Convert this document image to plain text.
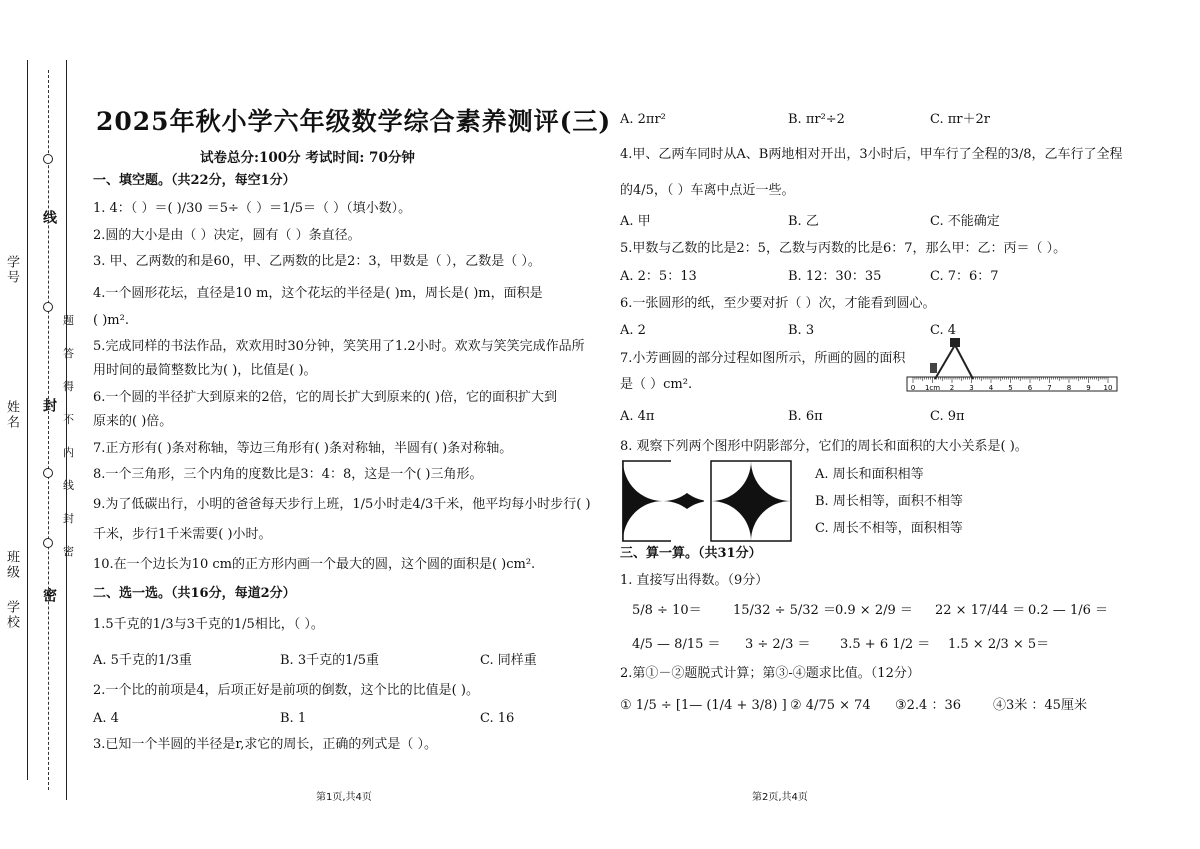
学号
姓名
班级
学校
线
封
密
题
答
得
不
内
线
封
密
2025年秋小学六年级数学综合素养测评(三)
试卷总分:100分 考试时间: 70分钟
一、填空题。（共22分，每空1分）
1. 4：（ ）＝( )/30 ＝5÷（ ）＝1/5＝（ ）（填小数）。
2.圆的大小是由（ ）决定，圆有（ ）条直径。
3. 甲、乙两数的和是60，甲、乙两数的比是2：3，甲数是（ ），乙数是（ ）。
4.一个圆形花坛，直径是10 m，这个花坛的半径是( )m，周长是( )m，面积是
( )m².
5.完成同样的书法作品，欢欢用时30分钟，笑笑用了1.2小时。欢欢与笑笑完成作品所
用时间的最简整数比为( )，比值是( )。
6.一个圆的半径扩大到原来的2倍，它的周长扩大到原来的( )倍，它的面积扩大到
原来的( )倍。
7.正方形有( )条对称轴，等边三角形有( )条对称轴，半圆有( )条对称轴。
8.一个三角形，三个内角的度数比是3：4：8，这是一个( )三角形。
9.为了低碳出行，小明的爸爸每天步行上班，1/5小时走4/3千米，他平均每小时步行( )
千米，步行1千米需要( )小时。
10.在一个边长为10 cm的正方形内画一个最大的圆，这个圆的面积是( )cm².
二、选一选。（共16分，每道2分）
1.5千克的1/3与3千克的1/5相比，（ ）。
A. 5千克的1/3重	B. 3千克的1/5重	C. 同样重
2.一个比的前项是4，后项正好是前项的倒数，这个比的比值是( )。
A. 4	B. 1	C. 16
3.已知一个半圆的半径是r,求它的周长，正确的列式是（ ）。
A. 2πr²	B. πr²÷2	C. πr＋2r
4.甲、乙两车同时从A、B两地相对开出，3小时后，甲车行了全程的3/8，乙车行了全程
的4/5，（ ）车离中点近一些。
A. 甲	B. 乙	C. 不能确定
5.甲数与乙数的比是2：5，乙数与丙数的比是6：7，那么甲：乙：丙＝（ ）。
A. 2：5：13	B. 12：30：35	C. 7：6：7
6.一张圆形的纸，至少要对折（ ）次，才能看到圆心。
A. 2	B. 3	C. 4
7.小芳画圆的部分过程如图所示，所画的圆的面积
是（ ）cm².	0 1cm 2 3 4 5 6 7 8 9 10
A. 4π	B. 6π	C. 9π
8. 观察下列两个图形中阴影部分，它们的周长和面积的大小关系是( )。
A. 周长和面积相等
B. 周长相等，面积不相等
C. 周长不相等，面积相等
三、算一算。（共31分）
1. 直接写出得数。（9分）
5/8 ÷ 10＝ 15/32 ÷ 5/32 ＝ 0.9 × 2/9 ＝ 22 × 17/44 ＝ 0.2 — 1/6 ＝
4/5 — 8/15 ＝ 3 ÷ 2/3 ＝ 3.5 + 6 1/2 ＝ 1.5 × 2/3 × 5＝
2.第①－②题脱式计算；第③-④题求比值。（12分）
① 1/5 ÷ [1— (1/4 + 3/8) ] ② 4/75 × 74 ③2.4 ：36 ④3米 ：45厘米
第1页,共4页	第2页,共4页
